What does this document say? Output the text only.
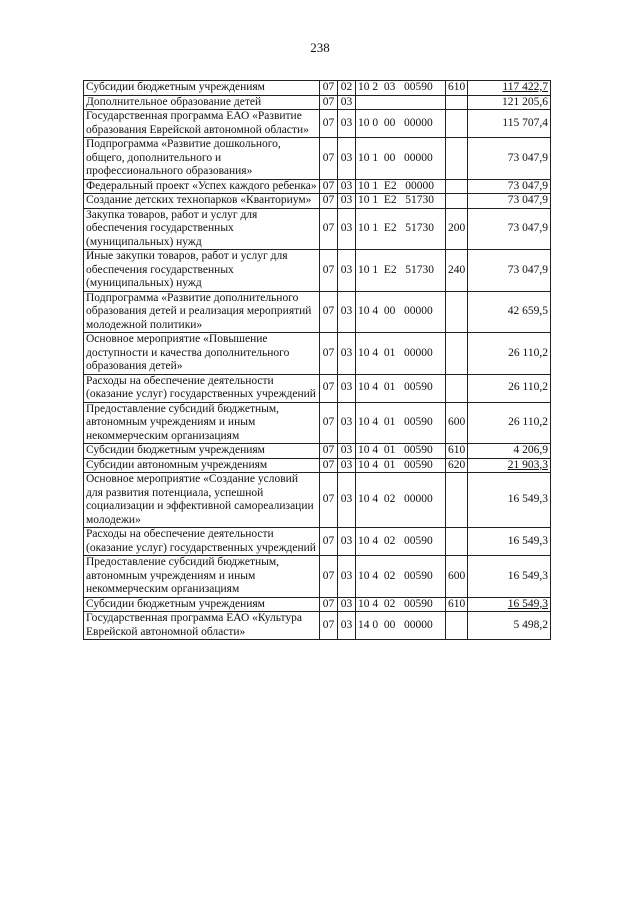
238
Субсидии бюджетным учреждениям	07	02	10 2  03   00590	610	117 422,7
Дополнительное образование детей	07	03			121 205,6
Государственная программа ЕАО «Развитие образования Еврейской автономной области»	07	03	10 0  00   00000		115 707,4
Подпрограмма «Развитие дошкольного, общего, дополнительного и профессионального образования»	07	03	10 1  00   00000		73 047,9
Федеральный проект «Успех каждого ребенка»	07	03	10 1  Е2   00000		73 047,9
Создание детских технопарков «Кванториум»	07	03	10 1  Е2   51730		73 047,9
Закупка товаров, работ и услуг для обеспечения государственных (муниципальных) нужд	07	03	10 1  Е2   51730	200	73 047,9
Иные закупки товаров, работ и услуг для обеспечения государственных (муниципальных) нужд	07	03	10 1  Е2   51730	240	73 047,9
Подпрограмма «Развитие дополнительного образования детей и реализация мероприятий молодежной политики»	07	03	10 4  00   00000		42 659,5
Основное мероприятие «Повышение доступности и качества дополнительного образования детей»	07	03	10 4  01   00000		26 110,2
Расходы на обеспечение деятельности (оказание услуг) государственных учреждений	07	03	10 4  01   00590		26 110,2
Предоставление субсидий бюджетным, автономным учреждениям и иным некоммерческим организациям	07	03	10 4  01   00590	600	26 110,2
Субсидии бюджетным учреждениям	07	03	10 4  01   00590	610	4 206,9
Субсидии автономным учреждениям	07	03	10 4  01   00590	620	21 903,3
Основное мероприятие «Создание условий для развития потенциала, успешной социализации и эффективной самореализации молодежи»	07	03	10 4  02   00000		16 549,3
Расходы на обеспечение деятельности (оказание услуг) государственных учреждений	07	03	10 4  02   00590		16 549,3
Предоставление субсидий бюджетным, автономным учреждениям и иным некоммерческим организациям	07	03	10 4  02   00590	600	16 549,3
Субсидии бюджетным учреждениям	07	03	10 4  02   00590	610	16 549,3
Государственная программа ЕАО «Культура Еврейской автономной области»	07	03	14 0  00   00000		5 498,2
